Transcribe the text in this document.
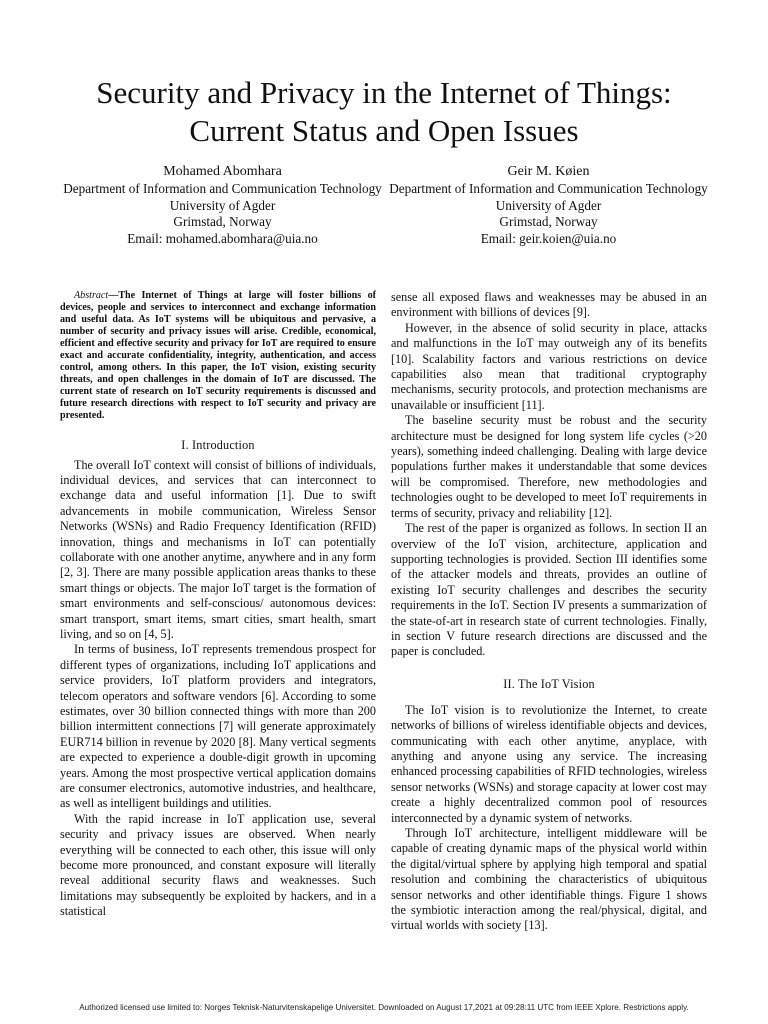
Security and Privacy in the Internet of Things:
Current Status and Open Issues
Mohamed Abomhara
Department of Information and Communication Technology
University of Agder
Grimstad, Norway
Email: mohamed.abomhara@uia.no
Geir M. Køien
Department of Information and Communication Technology
University of Agder
Grimstad, Norway
Email: geir.koien@uia.no

Abstract—The Internet of Things at large will foster billions of devices, people and services to interconnect and exchange information and useful data. As IoT systems will be ubiquitous and pervasive, a number of security and privacy issues will arise. Credible, economical, efficient and effective security and privacy for IoT are required to ensure exact and accurate confidentiality, integrity, authentication, and access control, among others. In this paper, the IoT vision, existing security threats, and open challenges in the domain of IoT are discussed. The current state of research on IoT security requirements is discussed and future research directions with respect to IoT security and privacy are presented.

I. Introduction

The overall IoT context will consist of billions of individuals, individual devices, and services that can interconnect to exchange data and useful information [1]. Due to swift advancements in mobile communication, Wireless Sensor Networks (WSNs) and Radio Frequency Identification (RFID) innovation, things and mechanisms in IoT can potentially collaborate with one another anytime, anywhere and in any form [2, 3]. There are many possible application areas thanks to these smart things or objects. The major IoT target is the formation of smart environments and self-conscious/ autonomous devices: smart transport, smart items, smart cities, smart health, smart living, and so on [4, 5].

In terms of business, IoT represents tremendous prospect for different types of organizations, including IoT applications and service providers, IoT platform providers and integrators, telecom operators and software vendors [6]. According to some estimates, over 30 billion connected things with more than 200 billion intermittent connections [7] will generate approximately EUR714 billion in revenue by 2020 [8]. Many vertical segments are expected to experience a double-digit growth in upcoming years. Among the most prospective vertical application domains are consumer electronics, automotive industries, and healthcare, as well as intelligent buildings and utilities.

With the rapid increase in IoT application use, several security and privacy issues are observed. When nearly everything will be connected to each other, this issue will only become more pronounced, and constant exposure will literally reveal additional security flaws and weaknesses. Such limitations may subsequently be exploited by hackers, and in a statistical

sense all exposed flaws and weaknesses may be abused in an environment with billions of devices [9].

However, in the absence of solid security in place, attacks and malfunctions in the IoT may outweigh any of its benefits [10]. Scalability factors and various restrictions on device capabilities also mean that traditional cryptography mechanisms, security protocols, and protection mechanisms are unavailable or insufficient [11].

The baseline security must be robust and the security architecture must be designed for long system life cycles (>20 years), something indeed challenging. Dealing with large device populations further makes it understandable that some devices will be compromised. Therefore, new methodologies and technologies ought to be developed to meet IoT requirements in terms of security, privacy and reliability [12].

The rest of the paper is organized as follows. In section II an overview of the IoT vision, architecture, application and supporting technologies is provided. Section III identifies some of the attacker models and threats, provides an outline of existing IoT security challenges and describes the security requirements in the IoT. Section IV presents a summarization of the state-of-art in research state of current technologies. Finally, in section V future research directions are discussed and the paper is concluded.

II. The IoT Vision

The IoT vision is to revolutionize the Internet, to create networks of billions of wireless identifiable objects and devices, communicating with each other anytime, anyplace, with anything and anyone using any service. The increasing enhanced processing capabilities of RFID technologies, wireless sensor networks (WSNs) and storage capacity at lower cost may create a highly decentralized common pool of resources interconnected by a dynamic system of networks.

Through IoT architecture, intelligent middleware will be capable of creating dynamic maps of the physical world within the digital/virtual sphere by applying high temporal and spatial resolution and combining the characteristics of ubiquitous sensor networks and other identifiable things. Figure 1 shows the symbiotic interaction among the real/physical, digital, and virtual worlds with society [13].

Authorized licensed use limited to: Norges Teknisk-Naturvitenskapelige Universitet. Downloaded on August 17,2021 at 09:28:11 UTC from IEEE Xplore. Restrictions apply.
